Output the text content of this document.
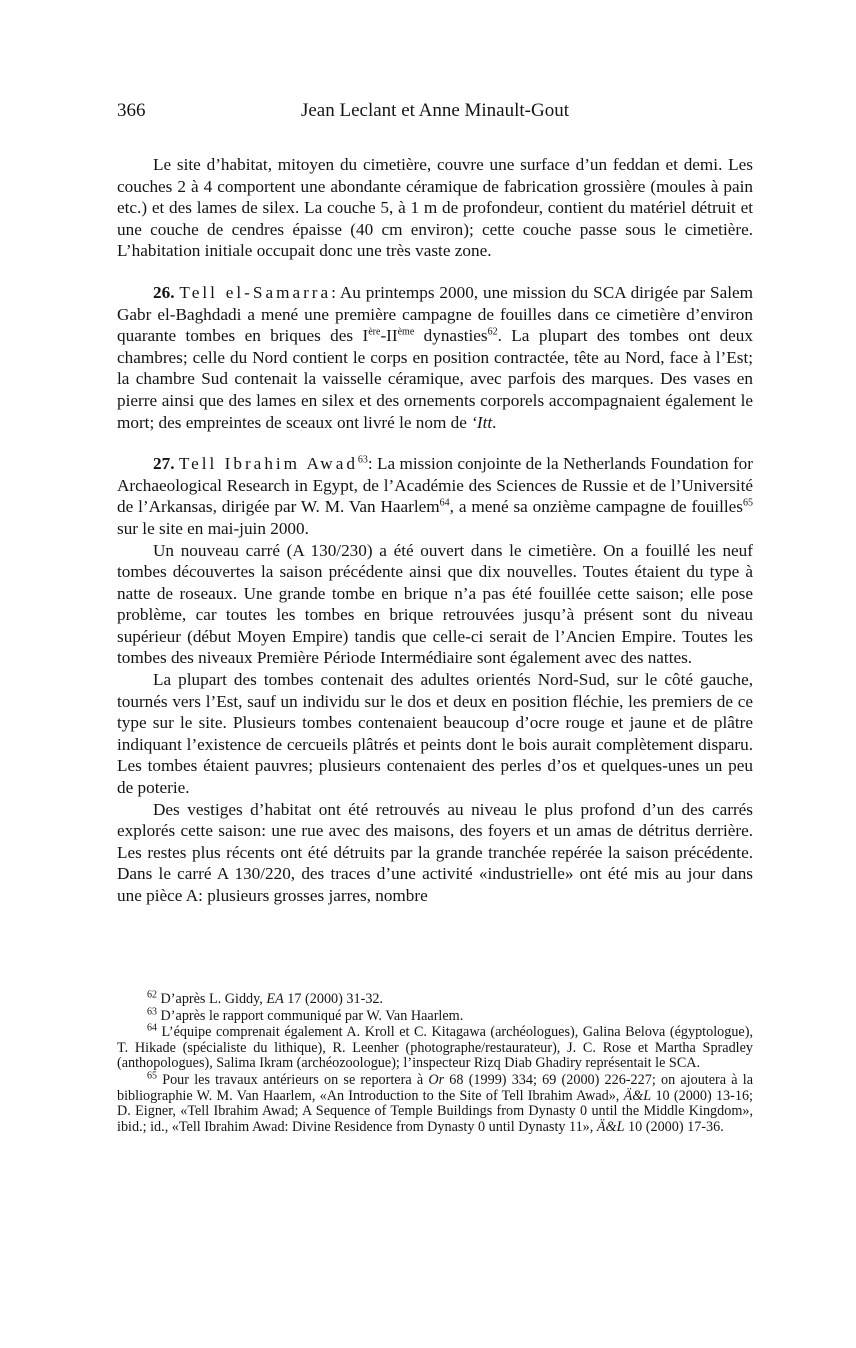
366	Jean Leclant et Anne Minault-Gout

Le site d’habitat, mitoyen du cimetière, couvre une surface d’un feddan et demi. Les couches 2 à 4 comportent une abondante céramique de fabrication grossière (moules à pain etc.) et des lames de silex. La couche 5, à 1 m de profondeur, contient du matériel détruit et une couche de cendres épaisse (40 cm environ); cette couche passe sous le cimetière. L’habitation initiale occupait donc une très vaste zone.

26. Tell el-Samarra: Au printemps 2000, une mission du SCA dirigée par Salem Gabr el-Baghdadi a mené une première campagne de fouilles dans ce cimetière d’environ quarante tombes en briques des Ière-IIème dynasties$^{62}$. La plupart des tombes ont deux chambres; celle du Nord contient le corps en position contractée, tête au Nord, face à l’Est; la chambre Sud contenait la vaisselle céramique, avec parfois des marques. Des vases en pierre ainsi que des lames en silex et des ornements corporels accompagnaient également le mort; des empreintes de sceaux ont livré le nom de ‘Itt.

27. Tell Ibrahim Awad$^{63}$: La mission conjointe de la Netherlands Foundation for Archaeological Research in Egypt, de l’Académie des Sciences de Russie et de l’Université de l’Arkansas, dirigée par W. M. Van Haarlem$^{64}$, a mené sa onzième campagne de fouilles$^{65}$ sur le site en mai-juin 2000.

Un nouveau carré (A 130/230) a été ouvert dans le cimetière. On a fouillé les neuf tombes découvertes la saison précédente ainsi que dix nouvelles. Toutes étaient du type à natte de roseaux. Une grande tombe en brique n’a pas été fouillée cette saison; elle pose problème, car toutes les tombes en brique retrouvées jusqu’à présent sont du niveau supérieur (début Moyen Empire) tandis que celle-ci serait de l’Ancien Empire. Toutes les tombes des niveaux Première Période Intermédiaire sont également avec des nattes.

La plupart des tombes contenait des adultes orientés Nord-Sud, sur le côté gauche, tournés vers l’Est, sauf un individu sur le dos et deux en position fléchie, les premiers de ce type sur le site. Plusieurs tombes contenaient beaucoup d’ocre rouge et jaune et de plâtre indiquant l’existence de cercueils plâtrés et peints dont le bois aurait complètement disparu. Les tombes étaient pauvres; plusieurs contenaient des perles d’os et quelques-unes un peu de poterie.

Des vestiges d’habitat ont été retrouvés au niveau le plus profond d’un des carrés explorés cette saison: une rue avec des maisons, des foyers et un amas de détritus derrière. Les restes plus récents ont été détruits par la grande tranchée repérée la saison précédente. Dans le carré A 130/220, des traces d’une activité «industrielle» ont été mis au jour dans une pièce A: plusieurs grosses jarres, nombre

$^{62}$ D’après L. Giddy, EA 17 (2000) 31-32.

$^{63}$ D’après le rapport communiqué par W. Van Haarlem.

$^{64}$ L’équipe comprenait également A. Kroll et C. Kitagawa (archéologues), Galina Belova (égyptologue), T. Hikade (spécialiste du lithique), R. Leenher (photographe/restaurateur), J. C. Rose et Martha Spradley (anthopologues), Salima Ikram (archéozoologue); l’inspecteur Rizq Diab Ghadiry représentait le SCA.

$^{65}$ Pour les travaux antérieurs on se reportera à Or 68 (1999) 334; 69 (2000) 226-227; on ajoutera à la bibliographie W. M. Van Haarlem, «An Introduction to the Site of Tell Ibrahim Awad», Ä&L 10 (2000) 13-16; D. Eigner, «Tell Ibrahim Awad; A Sequence of Temple Buildings from Dynasty 0 until the Middle Kingdom», ibid.; id., «Tell Ibrahim Awad: Divine Residence from Dynasty 0 until Dynasty 11», Ä&L 10 (2000) 17-36.
